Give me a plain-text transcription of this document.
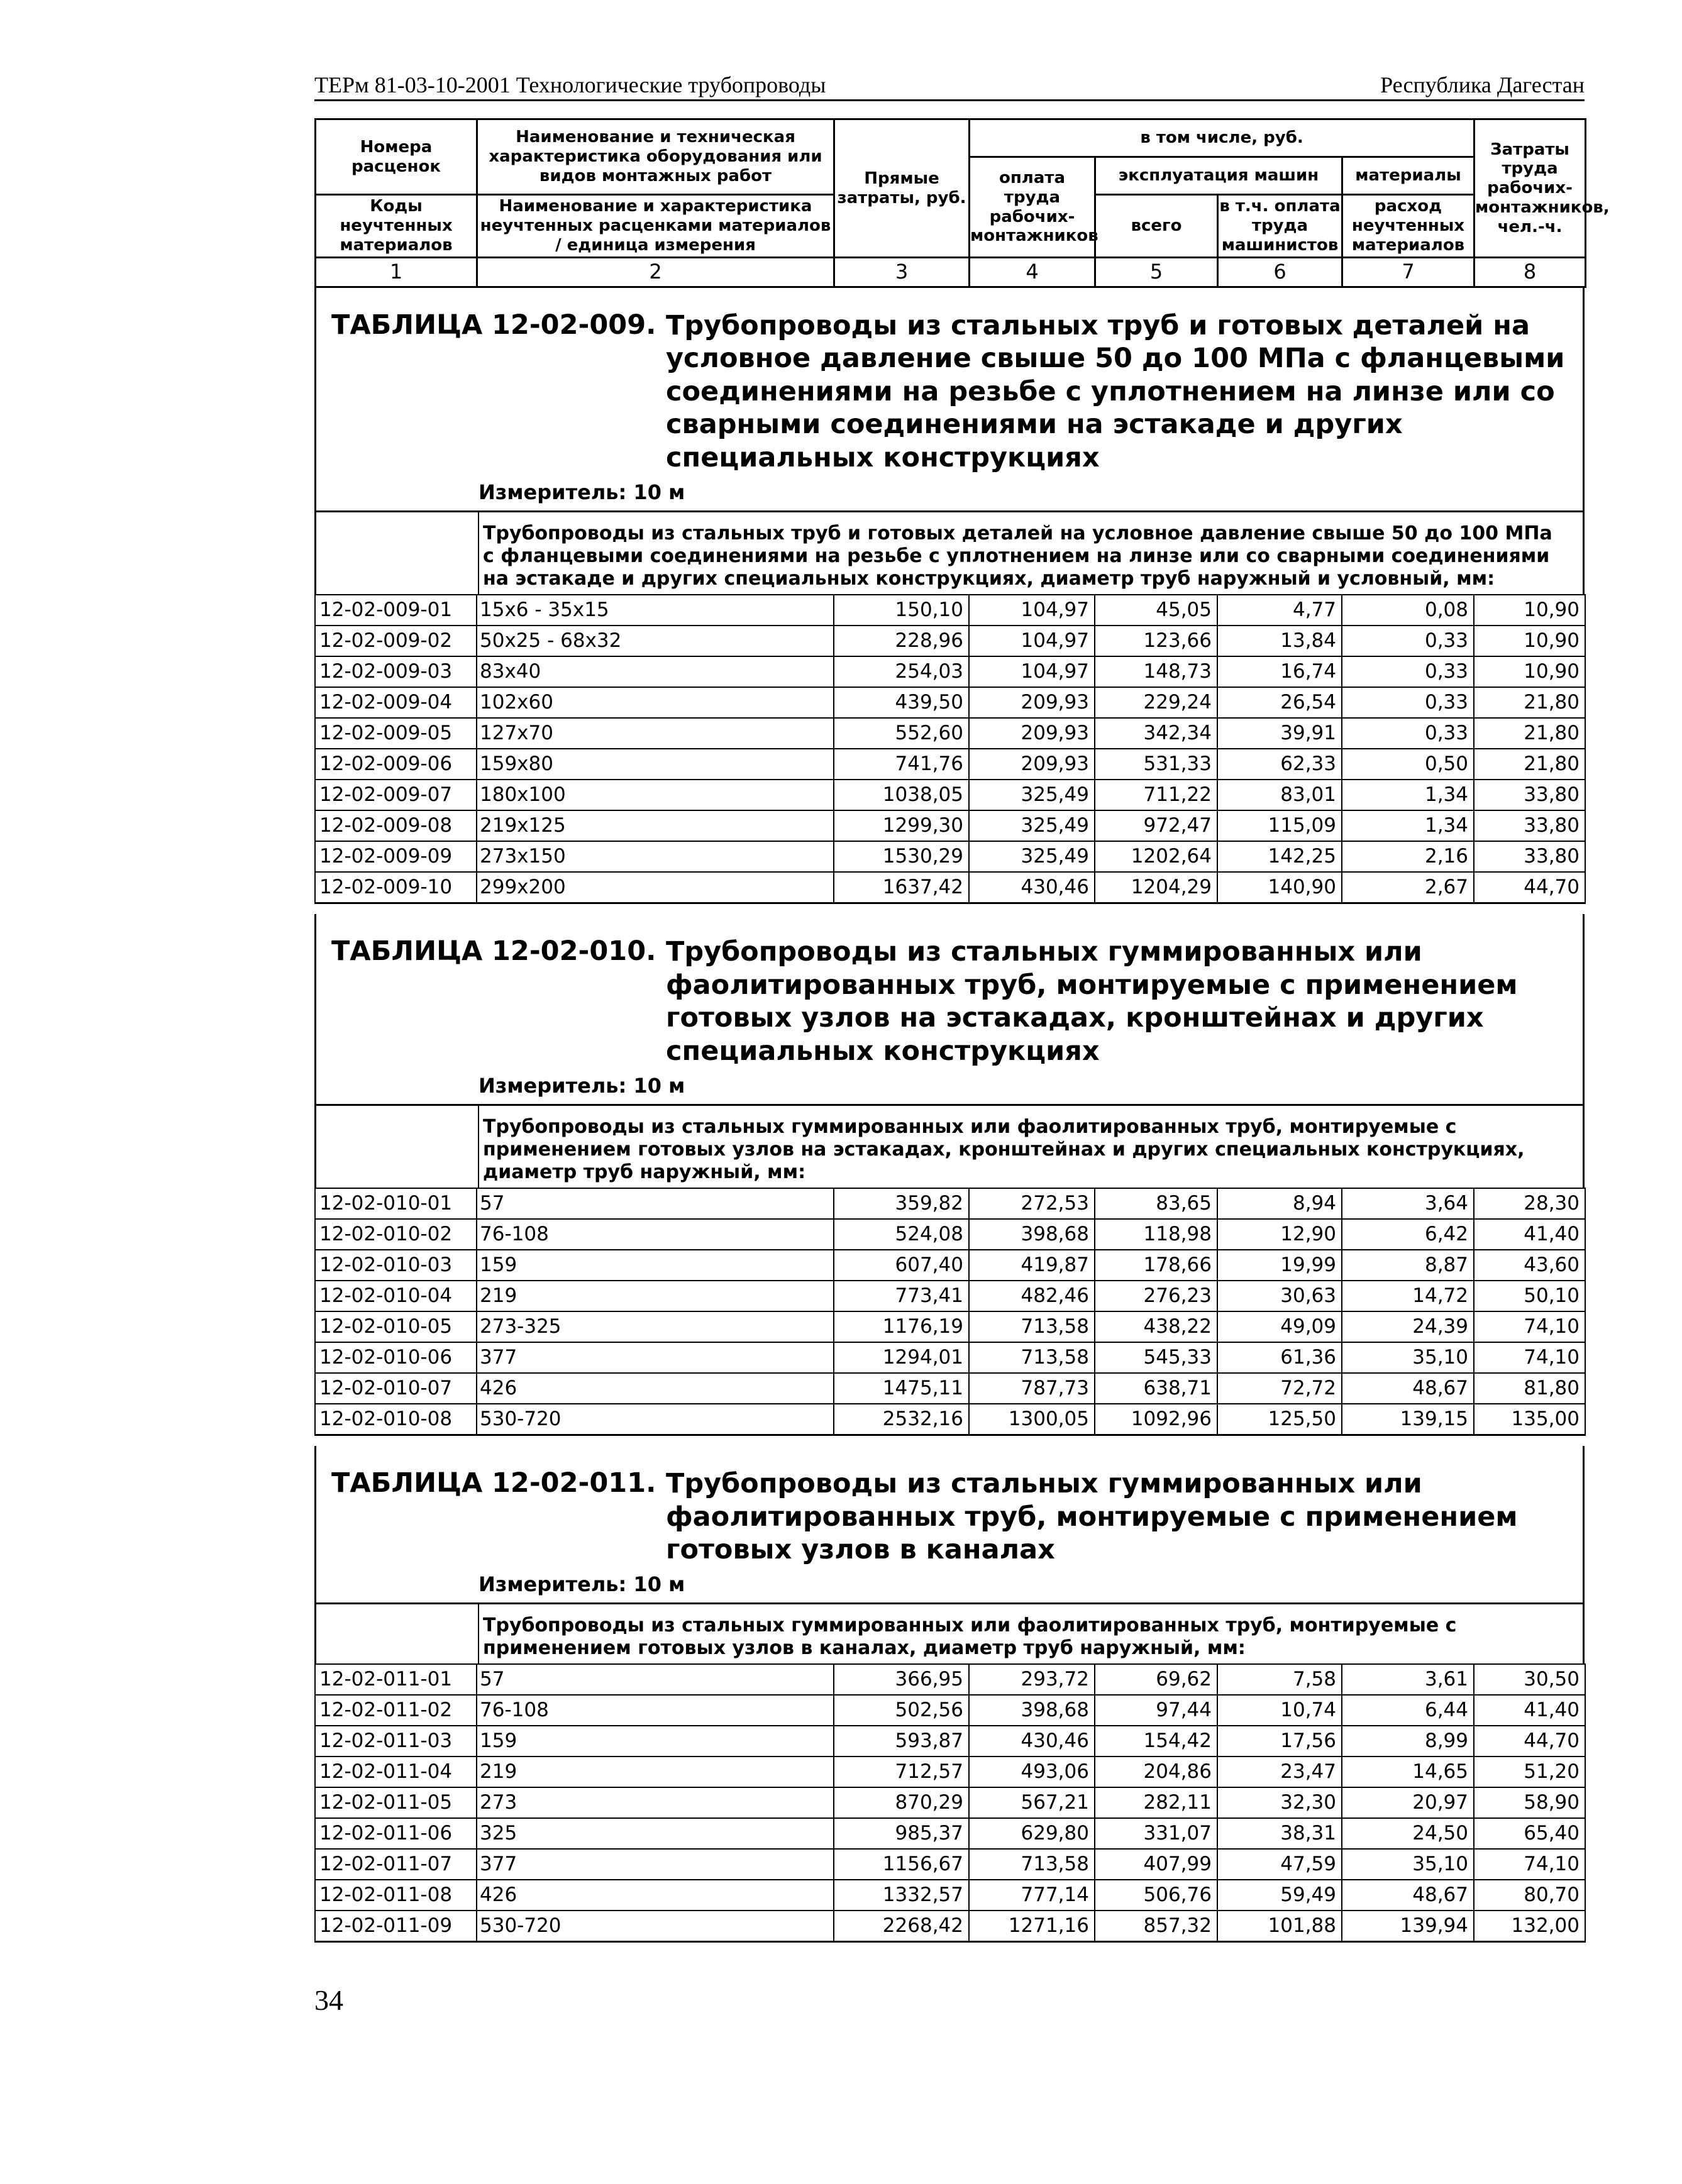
ТЕРм 81-03-10-2001 Технологические трубопроводы	Республика Дагестан
Номера расценок	Наименование и техническая характеристика оборудования или видов монтажных работ	Прямые затраты, руб.	в том числе, руб.				Затраты труда рабочих-монтажников, чел.-ч.
			оплата труда рабочих-монтажников	эксплуатация машин		материалы	
Коды неучтенных материалов	Наименование и характеристика неучтенных расценками материалов / единица измерения			всего	в т.ч. оплата труда машинистов	расход неучтенных материалов	

1	2	3	4	5	6	7	8
ТАБЛИЦА 12-02-009. Трубопроводы из стальных труб и готовых деталей на условное давление свыше 50 до 100 МПа с фланцевыми соединениями на резьбе с уплотнением на линзе или со сварными соединениями на эстакаде и других специальных конструкциях
Измеритель: 10 м
Трубопроводы из стальных труб и готовых деталей на условное давление свыше 50 до 100 МПа с фланцевыми соединениями на резьбе с уплотнением на линзе или со сварными соединениями на эстакаде и других специальных конструкциях, диаметр труб наружный и условный, мм:
12-02-009-01	15x6 - 35x15	150,10	104,97	45,05	4,77	0,08	10,90
12-02-009-02	50x25 - 68x32	228,96	104,97	123,66	13,84	0,33	10,90
12-02-009-03	83x40	254,03	104,97	148,73	16,74	0,33	10,90
12-02-009-04	102x60	439,50	209,93	229,24	26,54	0,33	21,80
12-02-009-05	127x70	552,60	209,93	342,34	39,91	0,33	21,80
12-02-009-06	159x80	741,76	209,93	531,33	62,33	0,50	21,80
12-02-009-07	180x100	1038,05	325,49	711,22	83,01	1,34	33,80
12-02-009-08	219x125	1299,30	325,49	972,47	115,09	1,34	33,80
12-02-009-09	273x150	1530,29	325,49	1202,64	142,25	2,16	33,80
12-02-009-10	299x200	1637,42	430,46	1204,29	140,90	2,67	44,70
ТАБЛИЦА 12-02-010. Трубопроводы из стальных гуммированных или фаолитированных труб, монтируемые с применением готовых узлов на эстакадах, кронштейнах и других специальных конструкциях
Измеритель: 10 м
Трубопроводы из стальных гуммированных или фаолитированных труб, монтируемые с применением готовых узлов на эстакадах, кронштейнах и других специальных конструкциях, диаметр труб наружный, мм:
12-02-010-01	57	359,82	272,53	83,65	8,94	3,64	28,30
12-02-010-02	76-108	524,08	398,68	118,98	12,90	6,42	41,40
12-02-010-03	159	607,40	419,87	178,66	19,99	8,87	43,60
12-02-010-04	219	773,41	482,46	276,23	30,63	14,72	50,10
12-02-010-05	273-325	1176,19	713,58	438,22	49,09	24,39	74,10
12-02-010-06	377	1294,01	713,58	545,33	61,36	35,10	74,10
12-02-010-07	426	1475,11	787,73	638,71	72,72	48,67	81,80
12-02-010-08	530-720	2532,16	1300,05	1092,96	125,50	139,15	135,00
ТАБЛИЦА 12-02-011. Трубопроводы из стальных гуммированных или фаолитированных труб, монтируемые с применением готовых узлов в каналах
Измеритель: 10 м
Трубопроводы из стальных гуммированных или фаолитированных труб, монтируемые с применением готовых узлов в каналах, диаметр труб наружный, мм:
12-02-011-01	57	366,95	293,72	69,62	7,58	3,61	30,50
12-02-011-02	76-108	502,56	398,68	97,44	10,74	6,44	41,40
12-02-011-03	159	593,87	430,46	154,42	17,56	8,99	44,70
12-02-011-04	219	712,57	493,06	204,86	23,47	14,65	51,20
12-02-011-05	273	870,29	567,21	282,11	32,30	20,97	58,90
12-02-011-06	325	985,37	629,80	331,07	38,31	24,50	65,40
12-02-011-07	377	1156,67	713,58	407,99	47,59	35,10	74,10
12-02-011-08	426	1332,57	777,14	506,76	59,49	48,67	80,70
12-02-011-09	530-720	2268,42	1271,16	857,32	101,88	139,94	132,00
34
